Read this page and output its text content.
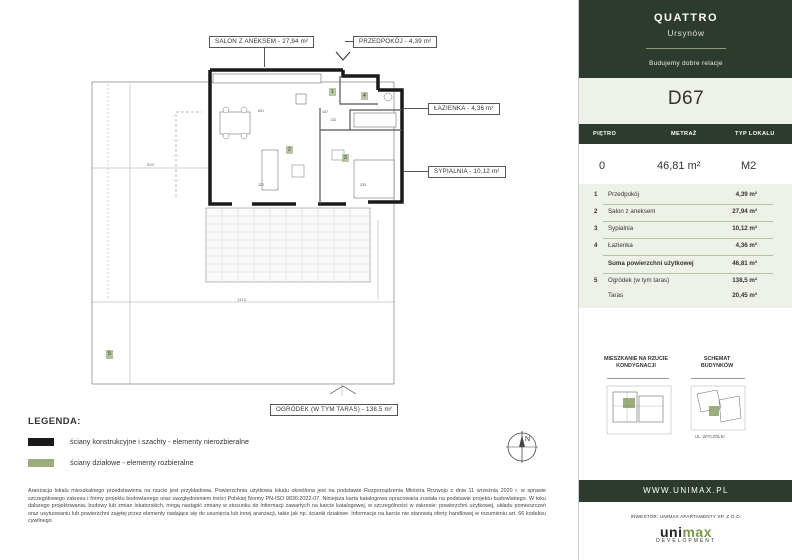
529
1413
601	187
333
322
133
SALON Z ANEKSEM - 27,94 m²	PRZEDPOKÓJ - 4,39 m²
ŁAZIENKA - 4,36 m²
SYPIALNIA - 10,12 m²
OGRÓDEK (W TYM TARAS) - 138,5 m²
1
2
3
4
5
N
LEGENDA:
ściany konstrukcyjne i szachty - elementy nierozbieralne
ściany działowe - elementy rozbieralne
Aranżacja lokalu mieszkalnego przedstawiona na rzucie jest przykładowa. Powierzchnia użytkowa lokalu określona jest na podstawie Rozporządzenia Ministra Rozwoju z dnia 11 września 2020 r. w sprawie szczegółowego zakresu i formy projektu budowlanego oraz uwzględnieniem treści Polskiej Normy PN-ISO 9836:2022-07. Niniejsza karta katalogowa opracowana została na podstawie projektu budowlanego. W toku dalszego projektowania, budowy lub zmian lokatorskich, mogą nastąpić zmiany w stosunku do informacji zawartych na karcie katalogowej, w szczególności w zakresie: powierzchni użytkowej, układu pomieszczeń oraz usytuowaniu lub powierzchni zajętej przez elementy nadające się do usunięcia lub innej aranżacji, takie jak np. ścianki działowe. Informacje na karcie nie stanowią oferty handlowej w rozumieniu art. 66 kodeksu cywilnego.
QUATTRO
Ursynów
Budujemy dobre relacje
D67
PIĘTRO	METRAŻ	TYP LOKALU
0	46,81 m²	M2
1 Przedpokój	4,39 m²
2 Salon z aneksem	27,94 m²
3 Sypialnia	10,12 m²
4 Łazienka	4,36 m²
Suma powierzchni użytkowej	46,81 m²
5 Ogródek (w tym taras)	138,5 m²
Taras	20,45 m²
MIESZKANIE NA RZUCIE KONDYGNACJI
SCHEMAT BUDYNKÓW
UL. WYCZÓŁKI
WWW.UNIMAX.PL
INWESTOR: UNIMAX APARTAMENTY SP. Z O.O.
unimax
DEVELOPMENT
